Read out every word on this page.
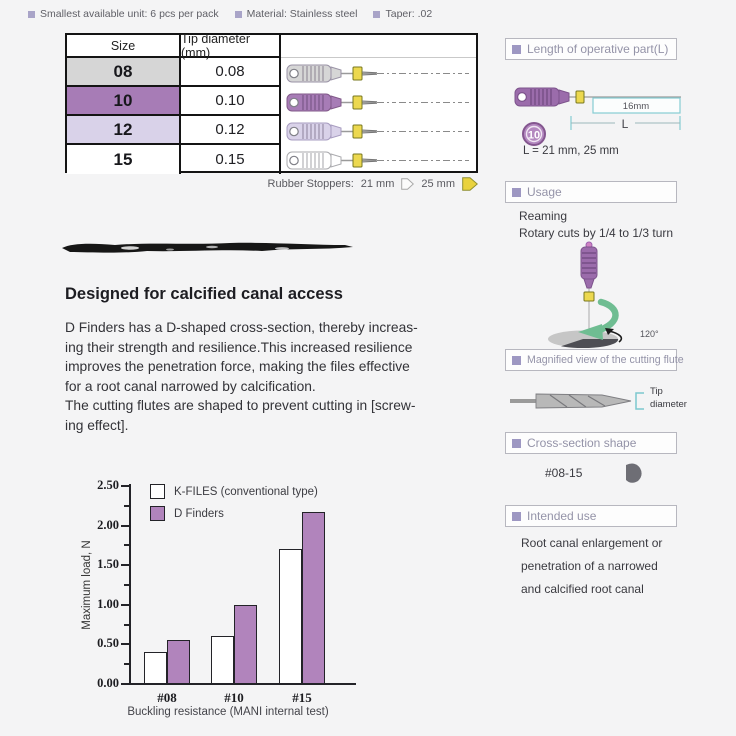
Smallest available unit: 6 pcs per pack	Material: Stainless steel	Taper: .02
Size	Tip diameter (mm)
08	0.08
10	0.10
12	0.12
15	0.15
Rubber Stoppers: 21 mm 25 mm
Designed for calcified canal access
D Finders has a D-shaped cross-section, thereby increas-
ing their strength and resilience.This increased resilience
improves the penetration force, making the files effective
for a root canal narrowed by calcification.
The cutting flutes are shaped to prevent cutting in [screw-
ing effect].
Maximum load, N
K-FILES (conventional type)
D Finders
0.00
0.50
1.00
1.50
2.00
2.50
#08	#10	#15
Buckling resistance (MANI internal test)
Length of operative part(L)
16mm
L
10
L = 21 mm, 25 mm
Usage
Reaming
Rotary cuts by 1/4 to 1/3 turn
120°
Magnified view of the cutting flute
Tip
diameter
Cross-section shape
#08-15
Intended use
Root canal enlargement or
penetration of a narrowed
and calcified root canal
